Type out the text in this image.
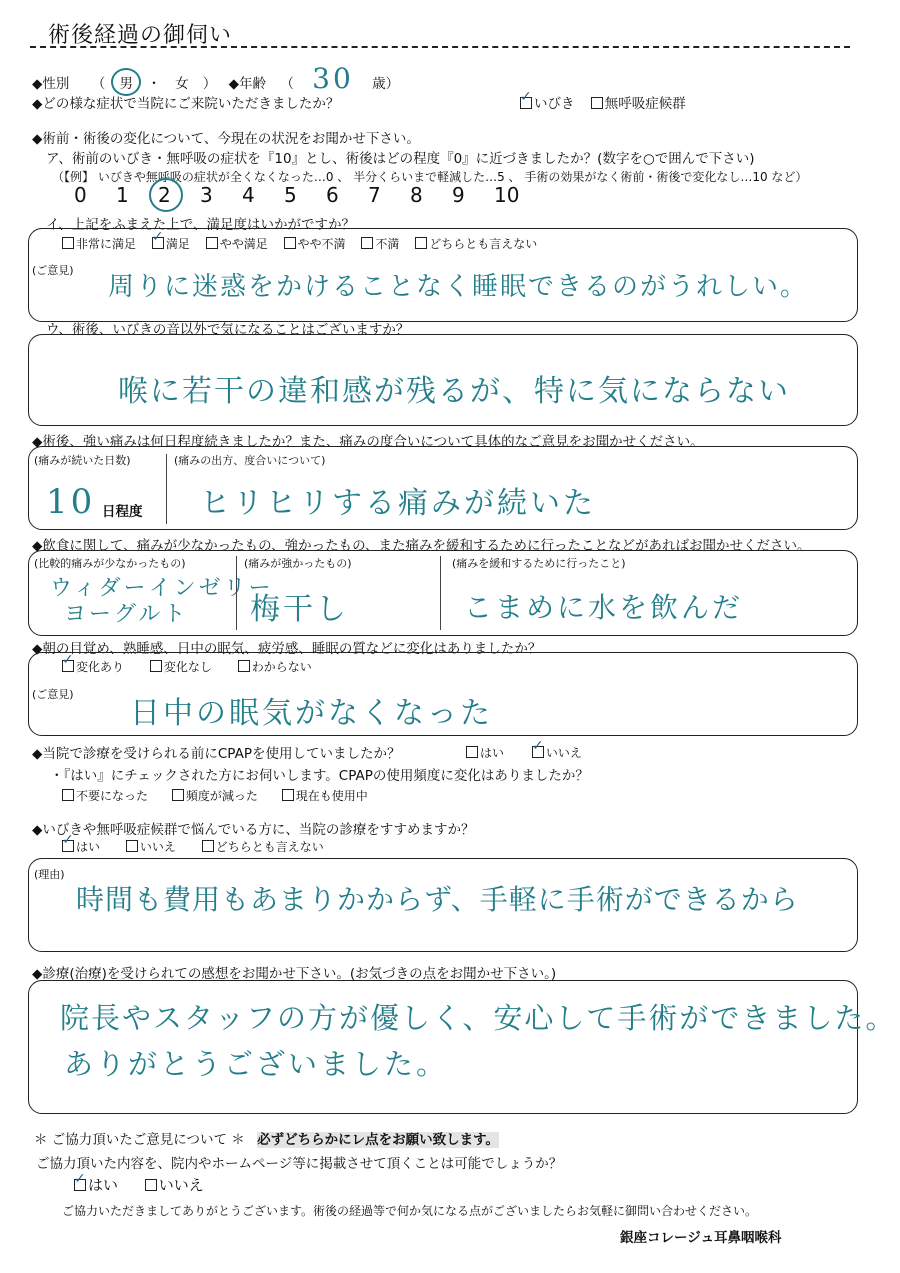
術後経過の御伺い
◆性別 （ 男 ・ 女 ） ◆年齢 （ 30 歳）
◆どの様な症状で当院にご来院いただきましたか？ ✓	いびき 無呼吸症候群
◆術前・術後の変化について、今現在の状況をお聞かせ下さい。
ア、術前のいびき・無呼吸の症状を『10』とし、術後はどの程度『0』に近づきましたか？(数字を○で囲んで下さい)
（【例】 いびきや無呼吸の症状が全くなくなった…0 、 半分くらいまで軽減した…5 、 手術の効果がなく術前・術後で変化なし…10 など）
0 1 2 3 4 5 6 7 8 9 10
イ、上記をふまえた上で、満足度はいかがですか？
非常に満足 ✓ 満足 やや満足 やや不満 不満 どちらとも言えない
(ご意見)
周りに迷惑をかけることなく睡眠できるのがうれしい。
ウ、術後、いびきの音以外で気になることはございますか？
喉に若干の違和感が残るが、特に気にならない
◆術後、強い痛みは何日程度続きましたか？また、痛みの度合いについて具体的なご意見をお聞かせください。
(痛みが続いた日数)
10 日程度
(痛みの出方、度合いについて)
ヒリヒリする痛みが続いた
◆飲食に関して、痛みが少なかったもの、強かったもの、また痛みを緩和するために行ったことなどがあればお聞かせください。
(比較的痛みが少なかったもの)
ウィダーインゼリー
ヨーグルト
(痛みが強かったもの)
梅干し
(痛みを緩和するために行ったこと)
こまめに水を飲んだ
◆朝の目覚め、熟睡感、日中の眠気、疲労感、睡眠の質などに変化はありましたか？
✓変化あり	変化なし	わからない
(ご意見)
日中の眠気がなくなった
◆当院で診療を受けられる前にCPAPを使用していましたか？	はい ✓	いいえ
・『はい』にチェックされた方にお伺いします。CPAPの使用頻度に変化はありましたか？
不要になった	頻度が減った	現在も使用中
◆いびきや無呼吸症候群で悩んでいる方に、当院の診療をすすめますか？
✓はい	いいえ	どちらとも言えない
(理由)
時間も費用もあまりかからず、手軽に手術ができるから
◆診療(治療)を受けられての感想をお聞かせ下さい。(お気づきの点をお聞かせ下さい。)
院長やスタッフの方が優しく、安心して手術ができました。
ありがとうございました。
＊ ご協力頂いたご意見について ＊ 必ずどちらかにレ点をお願い致します。
ご協力頂いた内容を、院内やホームページ等に掲載させて頂くことは可能でしょうか？
✓はい	いいえ
ご協力いただきましてありがとうございます。術後の経過等で何か気になる点がございましたらお気軽に御問い合わせください。
銀座コレージュ耳鼻咽喉科
